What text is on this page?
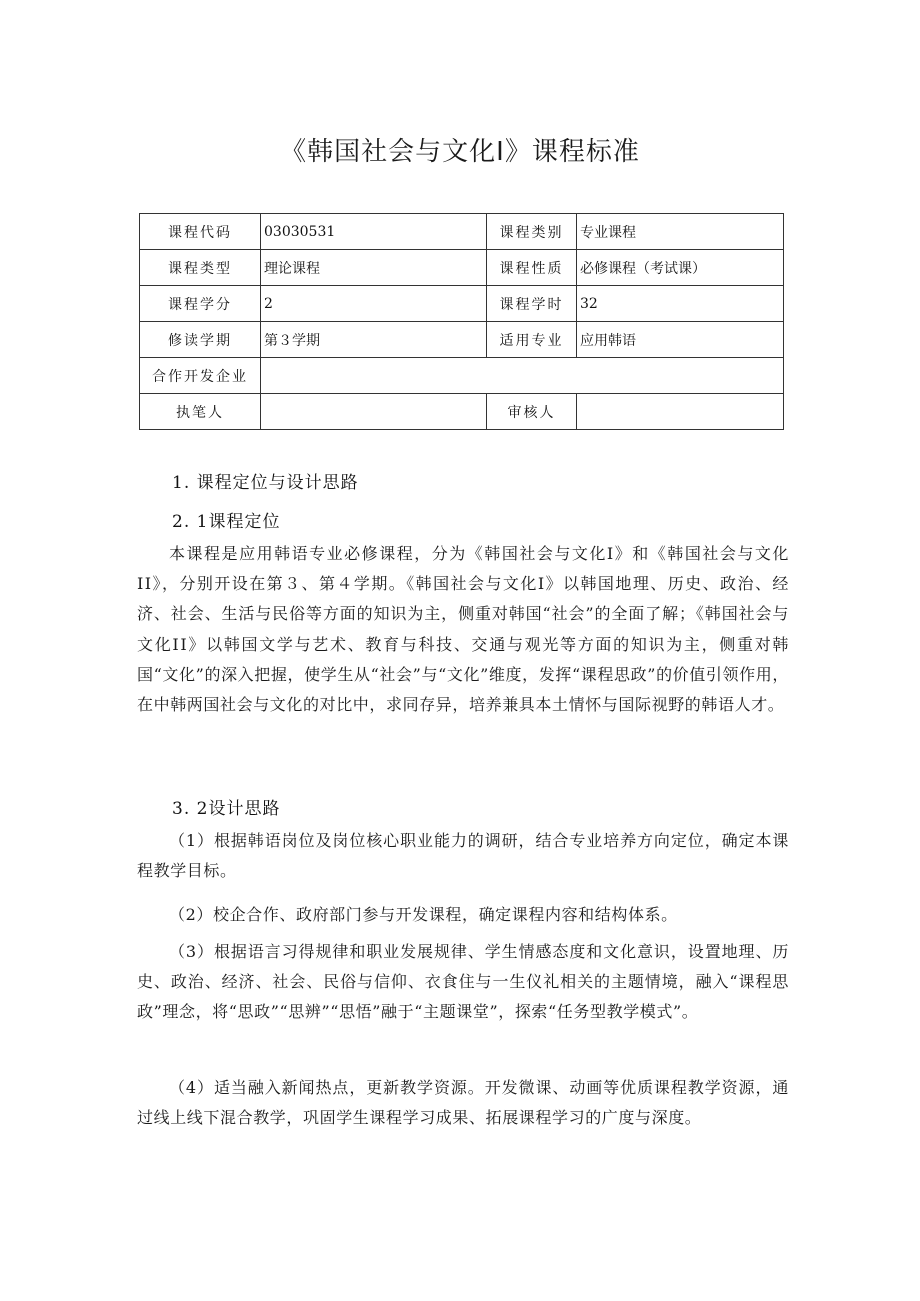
《韩国社会与文化Ⅰ》课程标准
课程代码	03030531	课程类别	专业课程
课程类型	理论课程	课程性质	必修课程（考试课）
课程学分	2	课程学时	32
修读学期	第３学期	适用专业	应用韩语
合作开发企业			
执笔人		审核人	
1. 课程定位与设计思路
2. 1课程定位
本课程是应用韩语专业必修课程，分为《韩国社会与文化Ⅰ》和《韩国社会与文化ⅠⅠ》，分别开设在第３、第４学期。《韩国社会与文化Ⅰ》以韩国地理、历史、政治、经济、社会、生活与民俗等方面的知识为主，侧重对韩国“社会”的全面了解；《韩国社会与文化ⅠⅠ》以韩国文学与艺术、教育与科技、交通与观光等方面的知识为主，侧重对韩国“文化”的深入把握，使学生从“社会”与“文化”维度，发挥“课程思政”的价值引领作用，在中韩两国社会与文化的对比中，求同存异，培养兼具本土情怀与国际视野的韩语人才。
3. 2设计思路
（1）根据韩语岗位及岗位核心职业能力的调研，结合专业培养方向定位，确定本课程教学目标。
（2）校企合作、政府部门参与开发课程，确定课程内容和结构体系。
（3）根据语言习得规律和职业发展规律、学生情感态度和文化意识，设置地理、历史、政治、经济、社会、民俗与信仰、衣食住与一生仪礼相关的主题情境，融入“课程思政”理念，将“思政”“思辨”“思悟”融于“主题课堂”，探索“任务型教学模式”。
（4）适当融入新闻热点，更新教学资源。开发微课、动画等优质课程教学资源，通过线上线下混合教学，巩固学生课程学习成果、拓展课程学习的广度与深度。
